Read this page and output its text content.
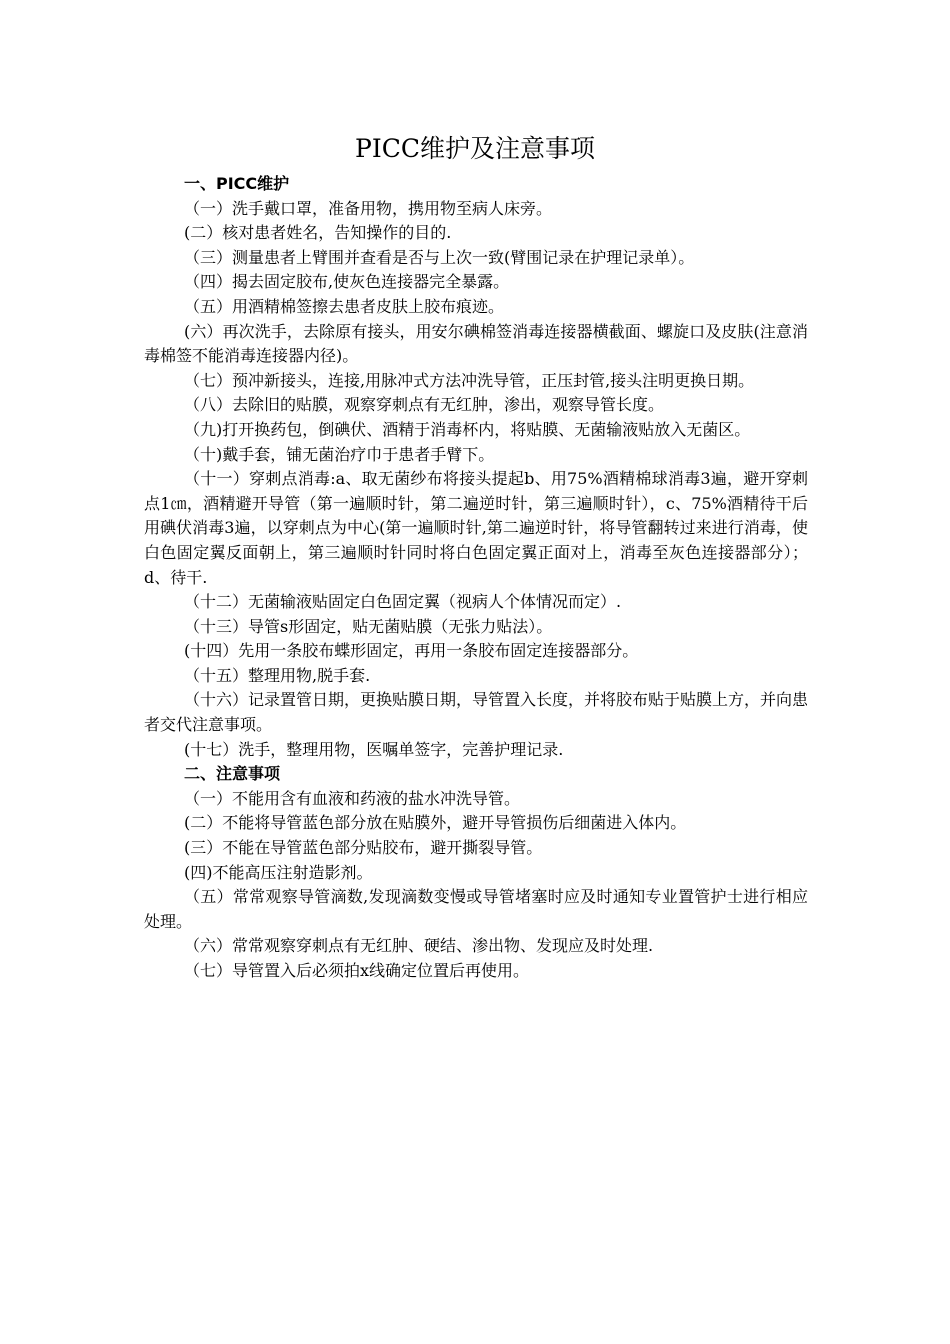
PICC维护及注意事项

一、PICC维护

（一）洗手戴口罩，准备用物，携用物至病人床旁。

(二）核对患者姓名，告知操作的目的.

（三）测量患者上臂围并查看是否与上次一致(臂围记录在护理记录单）。

（四）揭去固定胶布,使灰色连接器完全暴露。

（五）用酒精棉签擦去患者皮肤上胶布痕迹。

(六）再次洗手，去除原有接头，用安尔碘棉签消毒连接器横截面、螺旋口及皮肤(注意消毒棉签不能消毒连接器内径)。

（七）预冲新接头，连接,用脉冲式方法冲洗导管，正压封管,接头注明更换日期。

（八）去除旧的贴膜，观察穿刺点有无红肿，渗出，观察导管长度。

（九)打开换药包，倒碘伏、酒精于消毒杯内，将贴膜、无菌输液贴放入无菌区。

（十)戴手套，铺无菌治疗巾于患者手臂下。

（十一）穿刺点消毒:a、取无菌纱布将接头提起b、用75%酒精棉球消毒3遍，避开穿刺点1㎝，酒精避开导管（第一遍顺时针，第二遍逆时针，第三遍顺时针），c、75%酒精待干后用碘伏消毒3遍，以穿刺点为中心(第一遍顺时针,第二遍逆时针，将导管翻转过来进行消毒，使白色固定翼反面朝上，第三遍顺时针同时将白色固定翼正面对上，消毒至灰色连接器部分）；d、待干.

（十二）无菌输液贴固定白色固定翼（视病人个体情况而定）.

（十三）导管s形固定，贴无菌贴膜（无张力贴法）。

(十四）先用一条胶布蝶形固定，再用一条胶布固定连接器部分。

（十五）整理用物,脱手套.

（十六）记录置管日期，更换贴膜日期，导管置入长度，并将胶布贴于贴膜上方，并向患者交代注意事项。

(十七）洗手，整理用物，医嘱单签字，完善护理记录.

二、注意事项

（一）不能用含有血液和药液的盐水冲洗导管。

(二）不能将导管蓝色部分放在贴膜外，避开导管损伤后细菌进入体内。

(三）不能在导管蓝色部分贴胶布，避开撕裂导管。

(四)不能高压注射造影剂。

（五）常常观察导管滴数,发现滴数变慢或导管堵塞时应及时通知专业置管护士进行相应处理。

（六）常常观察穿刺点有无红肿、硬结、渗出物、发现应及时处理.

（七）导管置入后必须拍x线确定位置后再使用。
